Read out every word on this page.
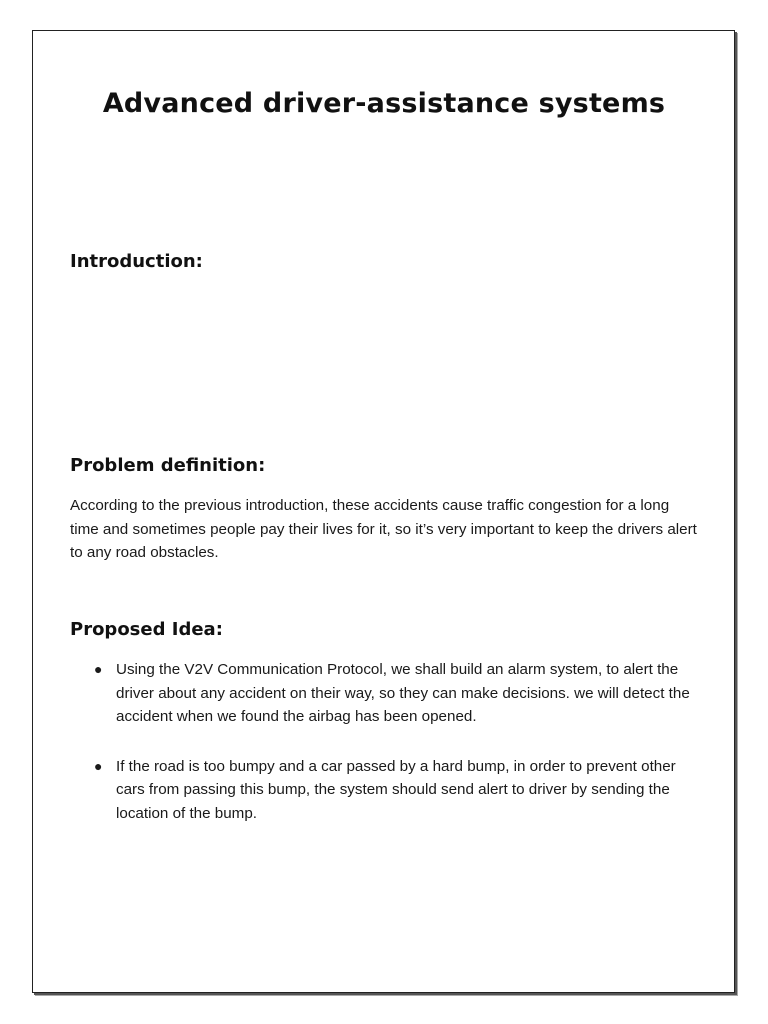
Advanced driver-assistance systems
Introduction:
Problem definition:

According to the previous introduction, these accidents cause traffic congestion for a long time and sometimes people pay their lives for it, so it’s very important to keep the drivers alert to any road obstacles.

Proposed Idea:
● Using the V2V Communication Protocol, we shall build an alarm system, to alert the driver about any accident on their way, so they can make decisions. we will detect the accident when we found the airbag has been opened.
● If the road is too bumpy and a car passed by a hard bump, in order to prevent other cars from passing this bump, the system should send alert to driver by sending the location of the bump.
